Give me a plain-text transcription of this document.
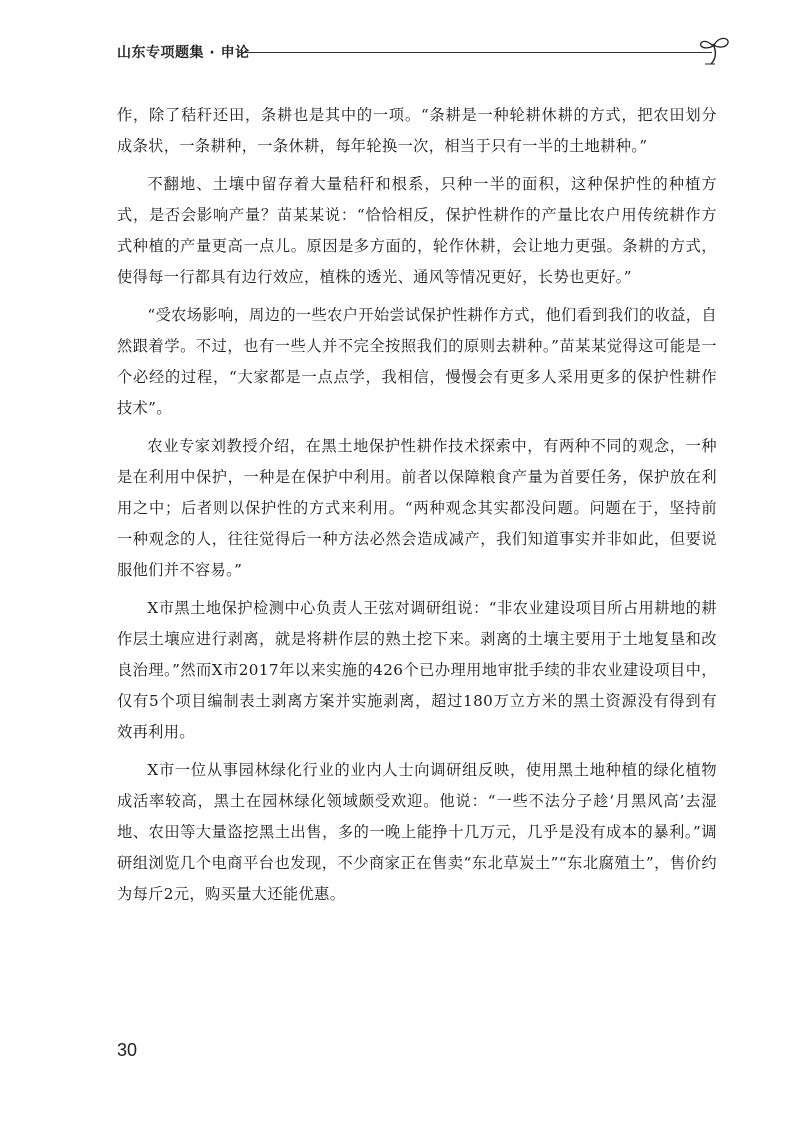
山东专项题集 · 申论

作，除了秸秆还田，条耕也是其中的一项。“条耕是一种轮耕休耕的方式，把农田划分成条状，一条耕种，一条休耕，每年轮换一次，相当于只有一半的土地耕种。”

不翻地、土壤中留存着大量秸秆和根系，只种一半的面积，这种保护性的种植方式，是否会影响产量？苗某某说：“恰恰相反，保护性耕作的产量比农户用传统耕作方式种植的产量更高一点儿。原因是多方面的，轮作休耕，会让地力更强。条耕的方式，使得每一行都具有边行效应，植株的透光、通风等情况更好，长势也更好。”

“受农场影响，周边的一些农户开始尝试保护性耕作方式，他们看到我们的收益，自然跟着学。不过，也有一些人并不完全按照我们的原则去耕种。”苗某某觉得这可能是一个必经的过程，“大家都是一点点学，我相信，慢慢会有更多人采用更多的保护性耕作技术”。

农业专家刘教授介绍，在黑土地保护性耕作技术探索中，有两种不同的观念，一种是在利用中保护，一种是在保护中利用。前者以保障粮食产量为首要任务，保护放在利用之中；后者则以保护性的方式来利用。“两种观念其实都没问题。问题在于，坚持前一种观念的人，往往觉得后一种方法必然会造成减产，我们知道事实并非如此，但要说服他们并不容易。”

X市黑土地保护检测中心负责人王弦对调研组说：“非农业建设项目所占用耕地的耕作层土壤应进行剥离，就是将耕作层的熟土挖下来。剥离的土壤主要用于土地复垦和改良治理。”然而X市2017年以来实施的426个已办理用地审批手续的非农业建设项目中，仅有5个项目编制表土剥离方案并实施剥离，超过180万立方米的黑土资源没有得到有效再利用。

X市一位从事园林绿化行业的业内人士向调研组反映，使用黑土地种植的绿化植物成活率较高，黑土在园林绿化领域颇受欢迎。他说：“一些不法分子趁‘月黑风高’去湿地、农田等大量盗挖黑土出售，多的一晚上能挣十几万元，几乎是没有成本的暴利。”调研组浏览几个电商平台也发现，不少商家正在售卖“东北草炭土”“东北腐殖土”，售价约为每斤2元，购买量大还能优惠。

30
